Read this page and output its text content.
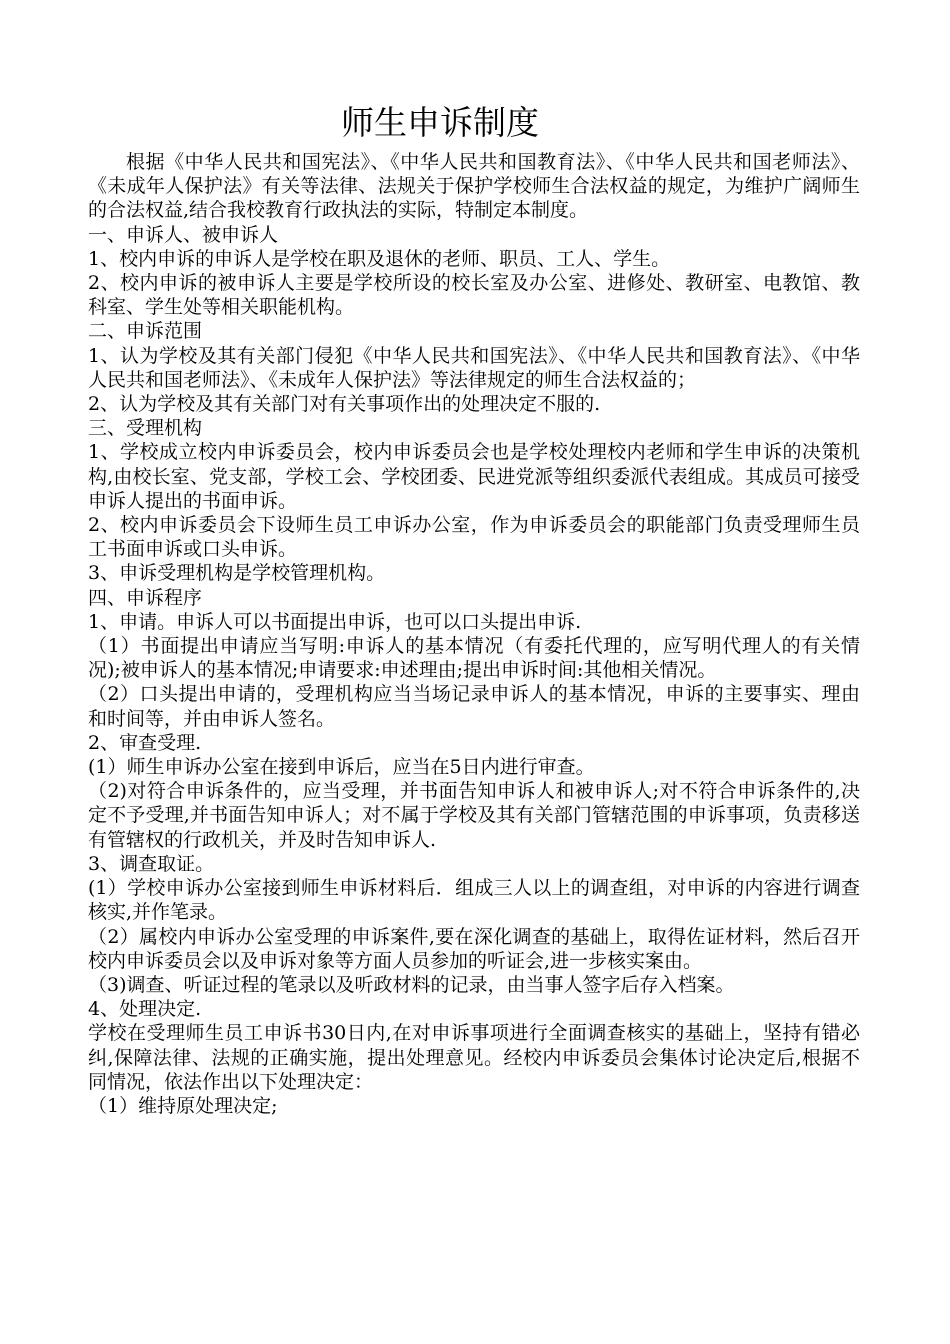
师生申诉制度

根据《中华人民共和国宪法》、《中华人民共和国教育法》、《中华人民共和国老师法》、《未成年人保护法》有关等法律、法规关于保护学校师生合法权益的规定，为维护广阔师生的合法权益,结合我校教育行政执法的实际，特制定本制度。

一、申诉人、被申诉人

1、校内申诉的申诉人是学校在职及退休的老师、职员、工人、学生。

2、校内申诉的被申诉人主要是学校所设的校长室及办公室、进修处、教研室、电教馆、教科室、学生处等相关职能机构。

二、申诉范围

1、认为学校及其有关部门侵犯《中华人民共和国宪法》、《中华人民共和国教育法》、《中华人民共和国老师法》、《未成年人保护法》等法律规定的师生合法权益的；

2、认为学校及其有关部门对有关事项作出的处理决定不服的.

三、受理机构

1、学校成立校内申诉委员会，校内申诉委员会也是学校处理校内老师和学生申诉的决策机构,由校长室、党支部，学校工会、学校团委、民进党派等组织委派代表组成。其成员可接受申诉人提出的书面申诉。

2、校内申诉委员会下设师生员工申诉办公室，作为申诉委员会的职能部门负责受理师生员工书面申诉或口头申诉。

3、申诉受理机构是学校管理机构。

四、申诉程序

1、申请。申诉人可以书面提出申诉，也可以口头提出申诉.

（1）书面提出申请应当写明:申诉人的基本情况（有委托代理的，应写明代理人的有关情况);被申诉人的基本情况;申请要求:申述理由;提出申诉时间:其他相关情况。

（2）口头提出申请的，受理机构应当当场记录申诉人的基本情况，申诉的主要事实、理由和时间等，并由申诉人签名。

2、审查受理.

(1）师生申诉办公室在接到申诉后，应当在5日内进行审查。

（2)对符合申诉条件的，应当受理，并书面告知申诉人和被申诉人;对不符合申诉条件的,决定不予受理,并书面告知申诉人；对不属于学校及其有关部门管辖范围的申诉事项，负责移送有管辖权的行政机关，并及时告知申诉人.

3、调查取证。

(1）学校申诉办公室接到师生申诉材料后．组成三人以上的调查组，对申诉的内容进行调查核实,并作笔录。

（2）属校内申诉办公室受理的申诉案件,要在深化调查的基础上，取得佐证材料，然后召开校内申诉委员会以及申诉对象等方面人员参加的听证会,进一步核实案由。

（3)调查、听证过程的笔录以及听政材料的记录，由当事人签字后存入档案。

4、处理决定.

学校在受理师生员工申诉书30日内,在对申诉事项进行全面调查核实的基础上，坚持有错必纠,保障法律、法规的正确实施，提出处理意见。经校内申诉委员会集体讨论决定后,根据不同情况，依法作出以下处理决定：

（1）维持原处理决定;
